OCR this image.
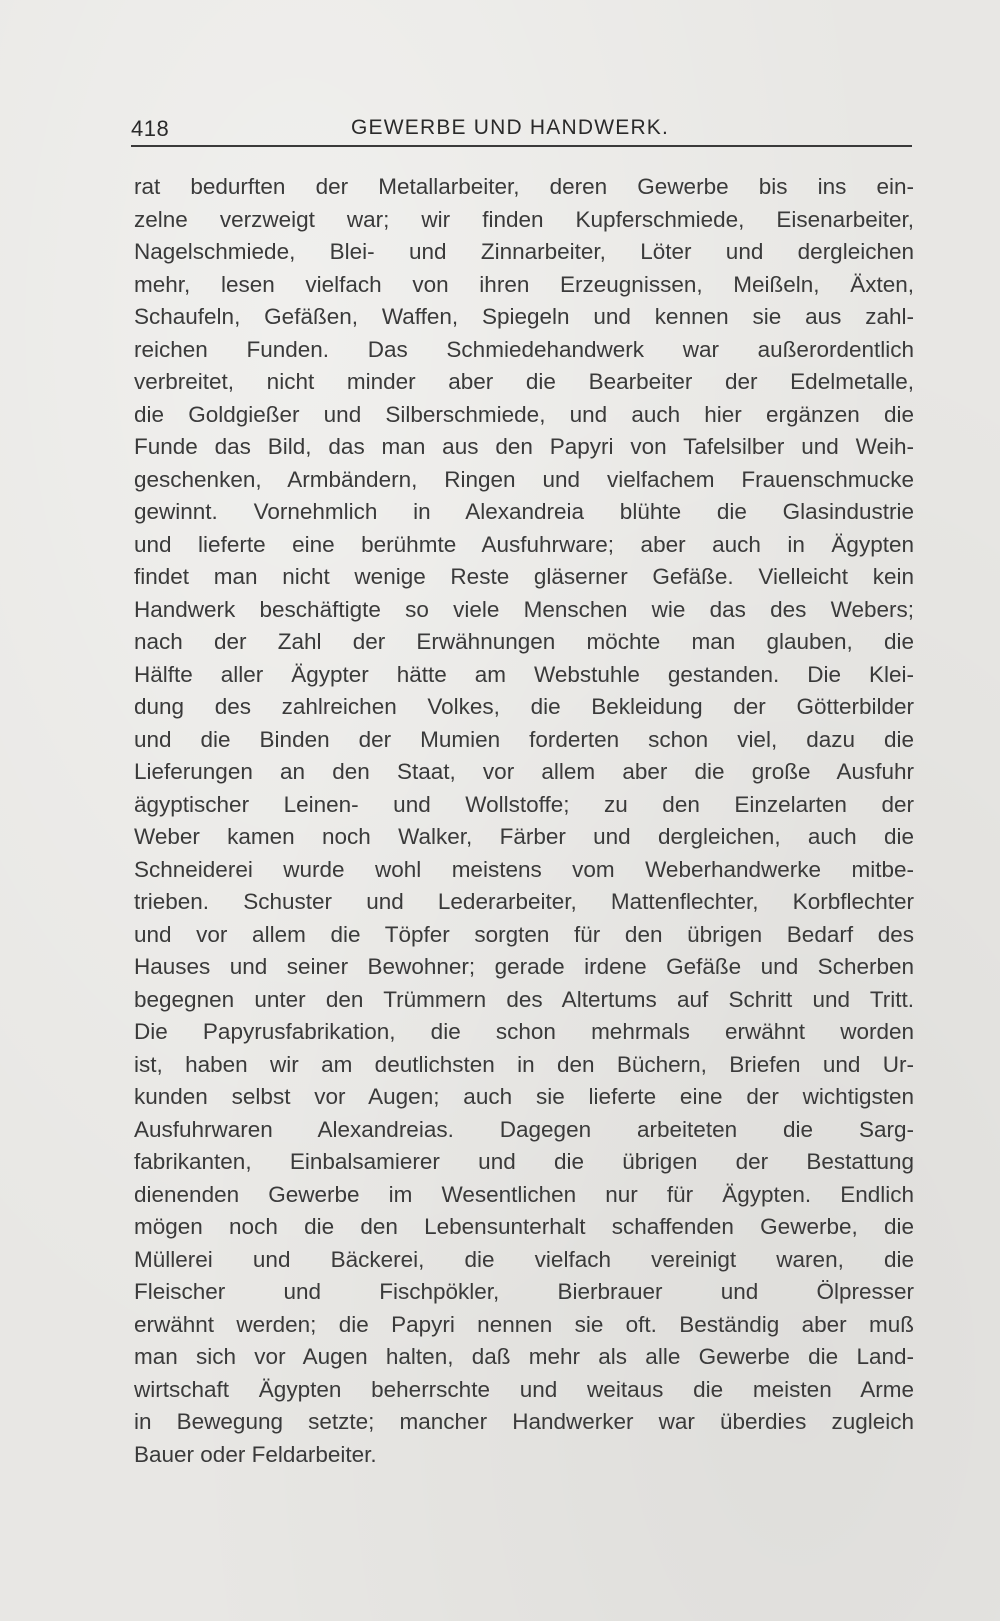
418	GEWERBE UND HANDWERK.
rat bedurften der Metallarbeiter, deren Gewerbe bis ins ein-
zelne verzweigt war; wir finden Kupferschmiede, Eisenarbeiter,
Nagelschmiede, Blei- und Zinnarbeiter, Löter und dergleichen
mehr, lesen vielfach von ihren Erzeugnissen, Meißeln, Äxten,
Schaufeln, Gefäßen, Waffen, Spiegeln und kennen sie aus zahl-
reichen Funden. Das Schmiedehandwerk war außerordentlich
verbreitet, nicht minder aber die Bearbeiter der Edelmetalle,
die Goldgießer und Silberschmiede, und auch hier ergänzen die
Funde das Bild, das man aus den Papyri von Tafelsilber und Weih-
geschenken, Armbändern, Ringen und vielfachem Frauenschmucke
gewinnt. Vornehmlich in Alexandreia blühte die Glasindustrie
und lieferte eine berühmte Ausfuhrware; aber auch in Ägypten
findet man nicht wenige Reste gläserner Gefäße. Vielleicht kein
Handwerk beschäftigte so viele Menschen wie das des Webers;
nach der Zahl der Erwähnungen möchte man glauben, die
Hälfte aller Ägypter hätte am Webstuhle gestanden. Die Klei-
dung des zahlreichen Volkes, die Bekleidung der Götterbilder
und die Binden der Mumien forderten schon viel, dazu die
Lieferungen an den Staat, vor allem aber die große Ausfuhr
ägyptischer Leinen- und Wollstoffe; zu den Einzelarten der
Weber kamen noch Walker, Färber und dergleichen, auch die
Schneiderei wurde wohl meistens vom Weberhandwerke mitbe-
trieben. Schuster und Lederarbeiter, Mattenflechter, Korbflechter
und vor allem die Töpfer sorgten für den übrigen Bedarf des
Hauses und seiner Bewohner; gerade irdene Gefäße und Scherben
begegnen unter den Trümmern des Altertums auf Schritt und Tritt.
Die Papyrusfabrikation, die schon mehrmals erwähnt worden
ist, haben wir am deutlichsten in den Büchern, Briefen und Ur-
kunden selbst vor Augen; auch sie lieferte eine der wichtigsten
Ausfuhrwaren Alexandreias. Dagegen arbeiteten die Sarg-
fabrikanten, Einbalsamierer und die übrigen der Bestattung
dienenden Gewerbe im Wesentlichen nur für Ägypten. Endlich
mögen noch die den Lebensunterhalt schaffenden Gewerbe, die
Müllerei und Bäckerei, die vielfach vereinigt waren, die
Fleischer und Fischpökler, Bierbrauer und Ölpresser
erwähnt werden; die Papyri nennen sie oft. Beständig aber muß
man sich vor Augen halten, daß mehr als alle Gewerbe die Land-
wirtschaft Ägypten beherrschte und weitaus die meisten Arme
in Bewegung setzte; mancher Handwerker war überdies zugleich
Bauer oder Feldarbeiter.
